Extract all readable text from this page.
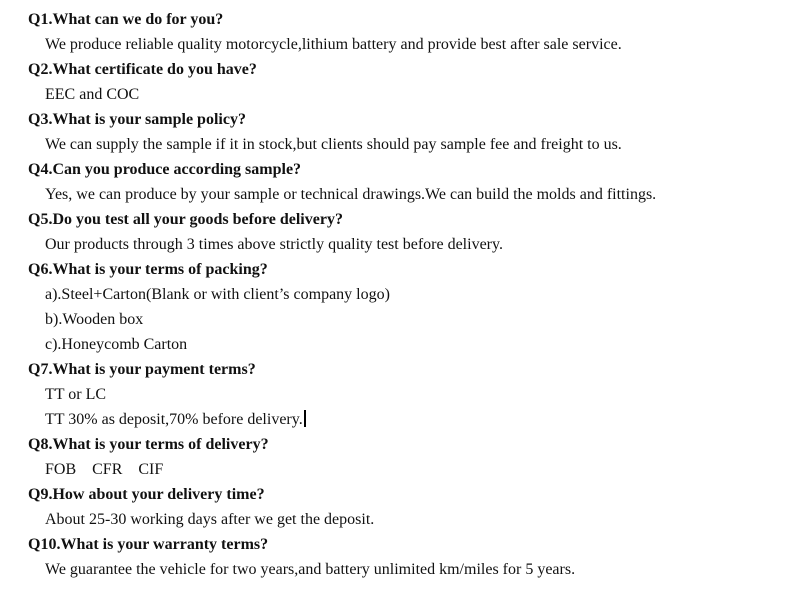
Q1.What can we do for you?
We produce reliable quality motorcycle,lithium battery and provide best after sale service.
Q2.What certificate do you have?
EEC and COC
Q3.What is your sample policy?
We can supply the sample if it in stock,but clients should pay sample fee and freight to us.
Q4.Can you produce according sample?
Yes, we can produce by your sample or technical drawings.We can build the molds and fittings.
Q5.Do you test all your goods before delivery?
Our products through 3 times above strictly quality test before delivery.
Q6.What is your terms of packing?
a).Steel+Carton(Blank or with client’s company logo)
b).Wooden box
c).Honeycomb Carton
Q7.What is your payment terms?
TT or LC
TT 30% as deposit,70% before delivery.
Q8.What is your terms of delivery?
FOB    CFR    CIF
Q9.How about your delivery time?
About 25-30 working days after we get the deposit.
Q10.What is your warranty terms?
We guarantee the vehicle for two years,and battery unlimited km/miles for 5 years.
